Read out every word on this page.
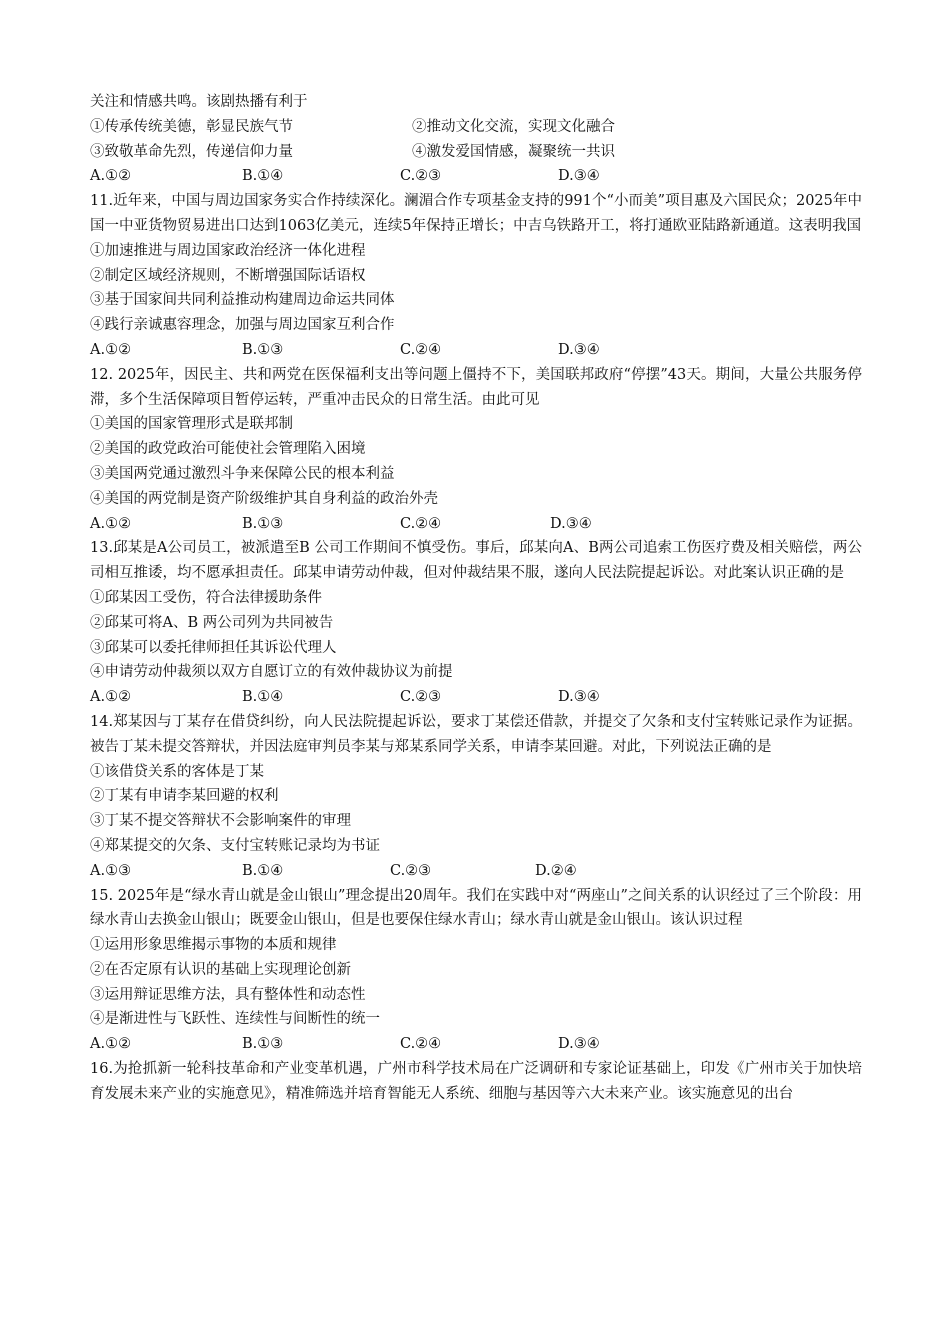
关注和情感共鸣。该剧热播有利于
①传承传统美德，彰显民族气节	②推动文化交流，实现文化融合
③致敬革命先烈，传递信仰力量	④激发爱国情感，凝聚统一共识
A.①②	B.①④	C.②③	D.③④
11.近年来，中国与周边国家务实合作持续深化。澜湄合作专项基金支持的991个“小而美”项目惠及六国民众；2025年中国一中亚货物贸易进出口达到1063亿美元，连续5年保持正增长；中吉乌铁路开工，将打通欧亚陆路新通道。这表明我国
①加速推进与周边国家政治经济一体化进程
②制定区域经济规则，不断增强国际话语权
③基于国家间共同利益推动构建周边命运共同体
④践行亲诚惠容理念，加强与周边国家互利合作
A.①②	B.①③	C.②④	D.③④
12. 2025年，因民主、共和两党在医保福利支出等问题上僵持不下，美国联邦政府“停摆”43天。期间，大量公共服务停滞，多个生活保障项目暂停运转，严重冲击民众的日常生活。由此可见
①美国的国家管理形式是联邦制
②美国的政党政治可能使社会管理陷入困境
③美国两党通过激烈斗争来保障公民的根本利益
④美国的两党制是资产阶级维护其自身利益的政治外壳
A.①②	B.①③	C.②④	D.③④
13.邱某是A公司员工，被派遣至B 公司工作期间不慎受伤。事后，邱某向A、B两公司追索工伤医疗费及相关赔偿，两公司相互推诿，均不愿承担责任。邱某申请劳动仲裁，但对仲裁结果不服，遂向人民法院提起诉讼。对此案认识正确的是
①邱某因工受伤，符合法律援助条件
②邱某可将A、B 两公司列为共同被告
③邱某可以委托律师担任其诉讼代理人
④申请劳动仲裁须以双方自愿订立的有效仲裁协议为前提
A.①②	B.①④	C.②③	D.③④
14.郑某因与丁某存在借贷纠纷，向人民法院提起诉讼，要求丁某偿还借款，并提交了欠条和支付宝转账记录作为证据。被告丁某未提交答辩状，并因法庭审判员李某与郑某系同学关系，申请李某回避。对此，下列说法正确的是
①该借贷关系的客体是丁某
②丁某有申请李某回避的权利
③丁某不提交答辩状不会影响案件的审理
④郑某提交的欠条、支付宝转账记录均为书证
A.①③	B.①④	C.②③	D.②④
15. 2025年是“绿水青山就是金山银山”理念提出20周年。我们在实践中对“两座山”之间关系的认识经过了三个阶段：用绿水青山去换金山银山；既要金山银山，但是也要保住绿水青山；绿水青山就是金山银山。该认识过程
①运用形象思维揭示事物的本质和规律
②在否定原有认识的基础上实现理论创新
③运用辩证思维方法，具有整体性和动态性
④是渐进性与飞跃性、连续性与间断性的统一
A.①②	B.①③	C.②④	D.③④
16.为抢抓新一轮科技革命和产业变革机遇，广州市科学技术局在广泛调研和专家论证基础上，印发《广州市关于加快培育发展未来产业的实施意见》，精准筛选并培育智能无人系统、细胞与基因等六大未来产业。该实施意见的出台
